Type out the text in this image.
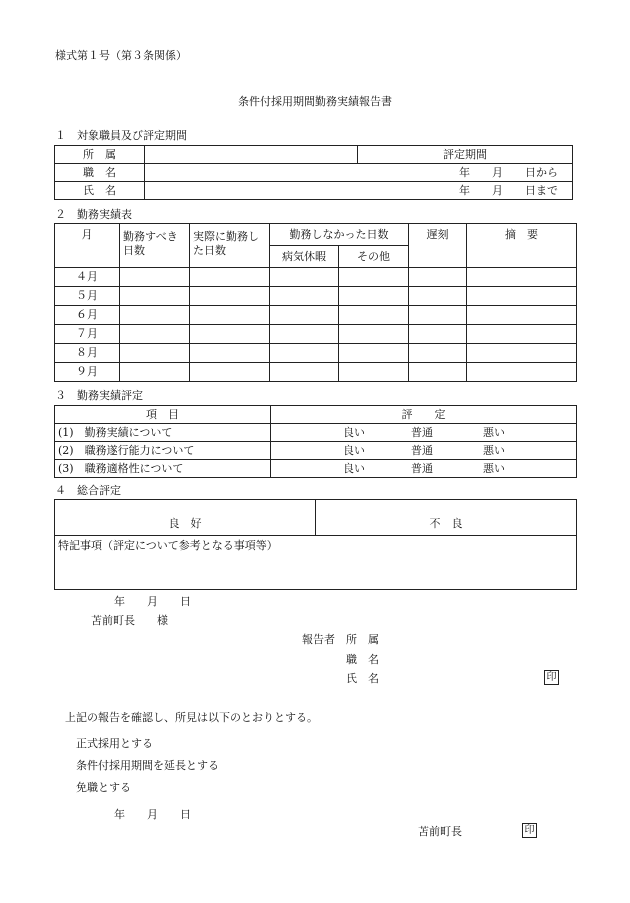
様式第１号（第３条関係）
条件付採用期間勤務実績報告書
１　対象職員及び評定期間
所　属		評定期間
職　名		年　　月　　日から
氏　名		年　　月　　日まで
２　勤務実績表
月	勤務すべき日数	実際に勤務した日数	勤務しなかった日数		遅刻	摘　要
			病気休暇	その他		
４月						
５月						
６月						
７月						
８月						
９月						
３　勤務実績評定
項　目	評　　定
(1)　勤務実績について	良い 普通 悪い

(2)　職務遂行能力について	良い 普通 悪い

(3)　職務適格性について	良い 普通 悪い
４　総合評定
良　好	不　良
特記事項（評定について参考となる事項等）
年　　月　　日
苫前町長　　様
報告者 所　属
職　名
氏　名	印
上記の報告を確認し、所見は以下のとおりとする。
正式採用とする
条件付採用期間を延長とする
免職とする
年　　月　　日
苫前町長	印
